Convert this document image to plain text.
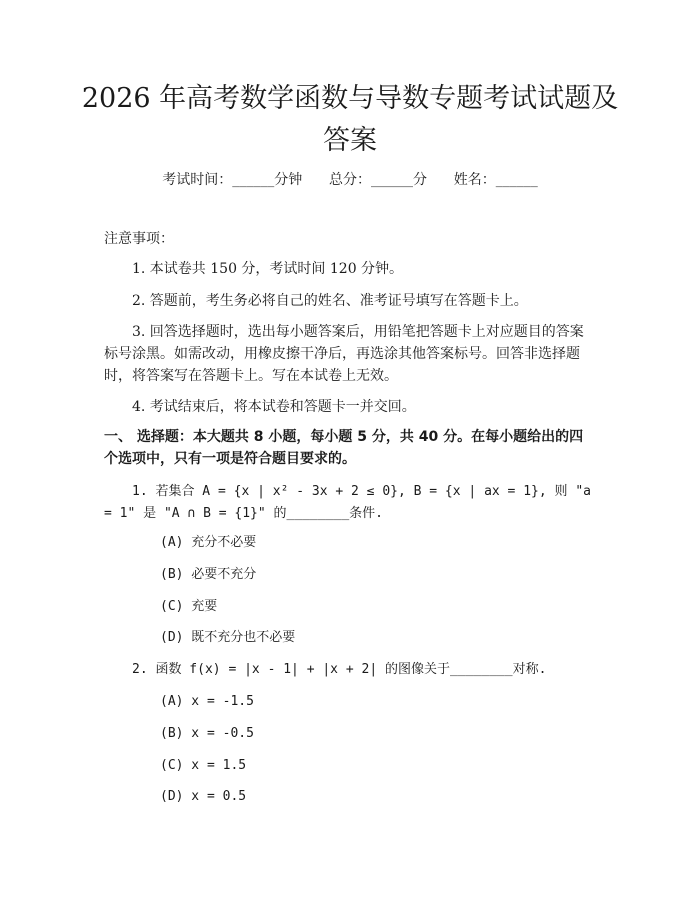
2026 年高考数学函数与导数专题考试试题及答案
考试时间：______分钟      总分：______分      姓名：______

注意事项：

1. 本试卷共 150 分，考试时间 120 分钟。

2. 答题前，考生务必将自己的姓名、准考证号填写在答题卡上。

3. 回答选择题时，选出每小题答案后，用铅笔把答题卡上对应题目的答案标号涂黑。如需改动，用橡皮擦干净后，再选涂其他答案标号。回答非选择题时，将答案写在答题卡上。写在本试卷上无效。

4. 考试结束后，将本试卷和答题卡一并交回。

一、 选择题：本大题共 8 小题，每小题 5 分，共 40 分。在每小题给出的四个选项中，只有一项是符合题目要求的。

1. 若集合 A = {x | x² - 3x + 2 ≤ 0}, B = {x | ax = 1}, 则 "a = 1" 是 "A ∩ B = {1}" 的________条件.

(A) 充分不必要
(B) 必要不充分
(C) 充要
(D) 既不充分也不必要

2. 函数 f(x) = |x - 1| + |x + 2| 的图像关于________对称.

(A) x = -1.5
(B) x = -0.5
(C) x = 1.5
(D) x = 0.5
